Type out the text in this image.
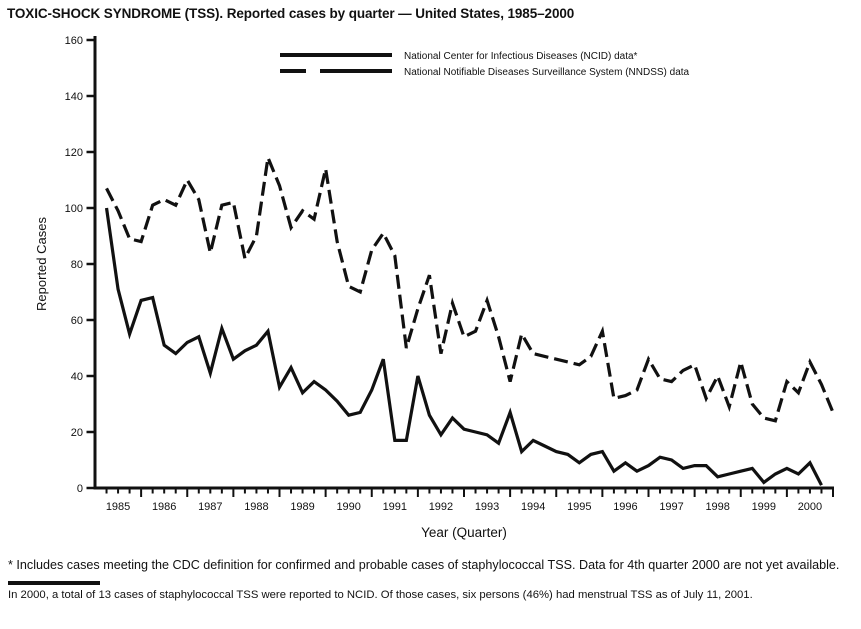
TOXIC-SHOCK SYNDROME (TSS). Reported cases by quarter — United States, 1985–2000
0
20
40
60
80
100
120
140
160
1985 1986 1987 1988 1989 1990 1991 1992 1993 1994 1995 1996 1997 1998 1999 2000
National Center for Infectious Diseases (NCID) data*
National Notifiable Diseases Surveillance System (NNDSS) data
Reported Cases
Year (Quarter)
* Includes cases meeting the CDC definition for confirmed and probable cases of staphylococcal TSS. Data for 4th quarter 2000 are not yet available.
In 2000, a total of 13 cases of staphylococcal TSS were reported to NCID. Of those cases, six persons (46%) had menstrual TSS as of July 11, 2001.
